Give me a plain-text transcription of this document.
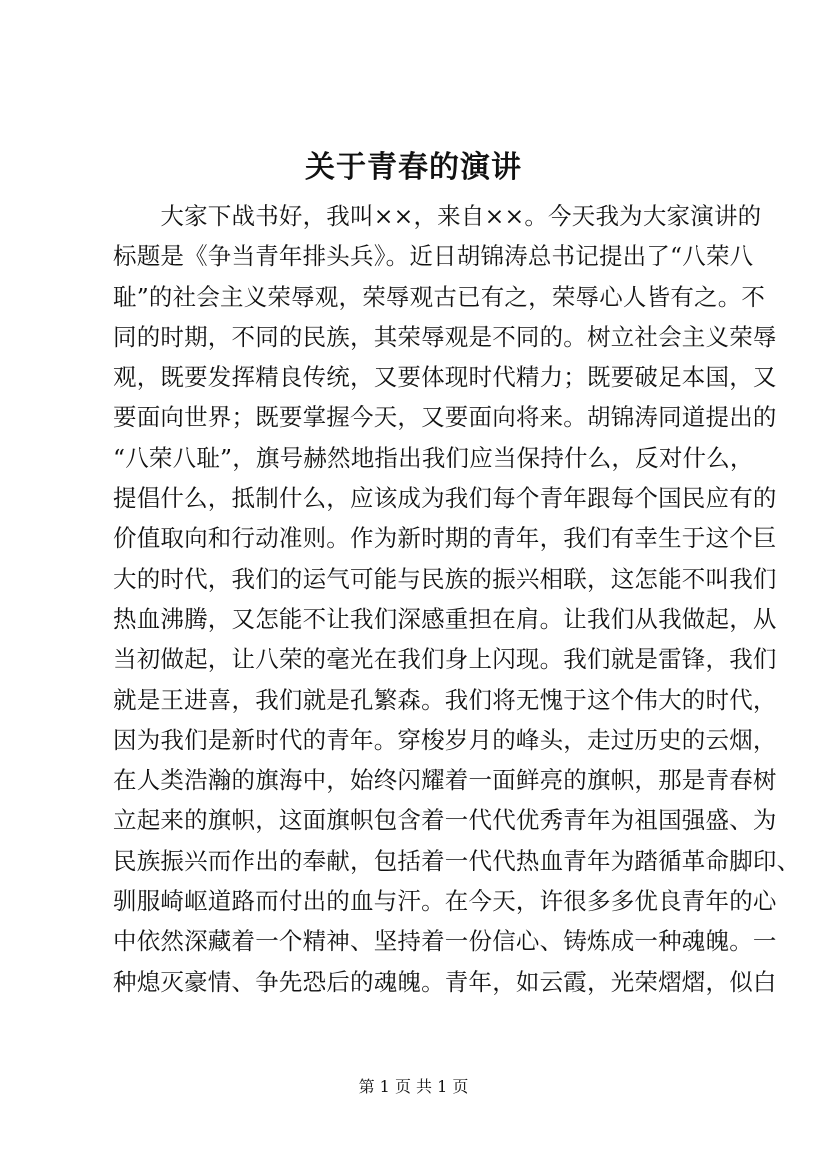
关于青春的演讲
　　大家下战书好，我叫××，来自××。今天我为大家演讲的
标题是《争当青年排头兵》。近日胡锦涛总书记提出了“八荣八
耻”的社会主义荣辱观，荣辱观古已有之，荣辱心人皆有之。不
同的时期，不同的民族，其荣辱观是不同的。树立社会主义荣辱
观，既要发挥精良传统，又要体现时代精力；既要破足本国，又
要面向世界；既要掌握今天，又要面向将来。胡锦涛同道提出的
“八荣八耻”，旗号赫然地指出我们应当保持什么，反对什么，
提倡什么，抵制什么，应该成为我们每个青年跟每个国民应有的
价值取向和行动准则。作为新时期的青年，我们有幸生于这个巨
大的时代，我们的运气可能与民族的振兴相联，这怎能不叫我们
热血沸腾，又怎能不让我们深感重担在肩。让我们从我做起，从
当初做起，让八荣的毫光在我们身上闪现。我们就是雷锋，我们
就是王进喜，我们就是孔繁森。我们将无愧于这个伟大的时代，
因为我们是新时代的青年。穿梭岁月的峰头，走过历史的云烟，
在人类浩瀚的旗海中，始终闪耀着一面鲜亮的旗帜，那是青春树
立起来的旗帜，这面旗帜包含着一代代优秀青年为祖国强盛、为
民族振兴而作出的奉献，包括着一代代热血青年为踏循革命脚印、
驯服崎岖道路而付出的血与汗。在今天，许很多多优良青年的心
中依然深藏着一个精神、坚持着一份信心、铸炼成一种魂魄。一
种熄灭豪情、争先恐后的魂魄。青年，如云霞，光荣熠熠，似白
第 1 页 共 1 页
